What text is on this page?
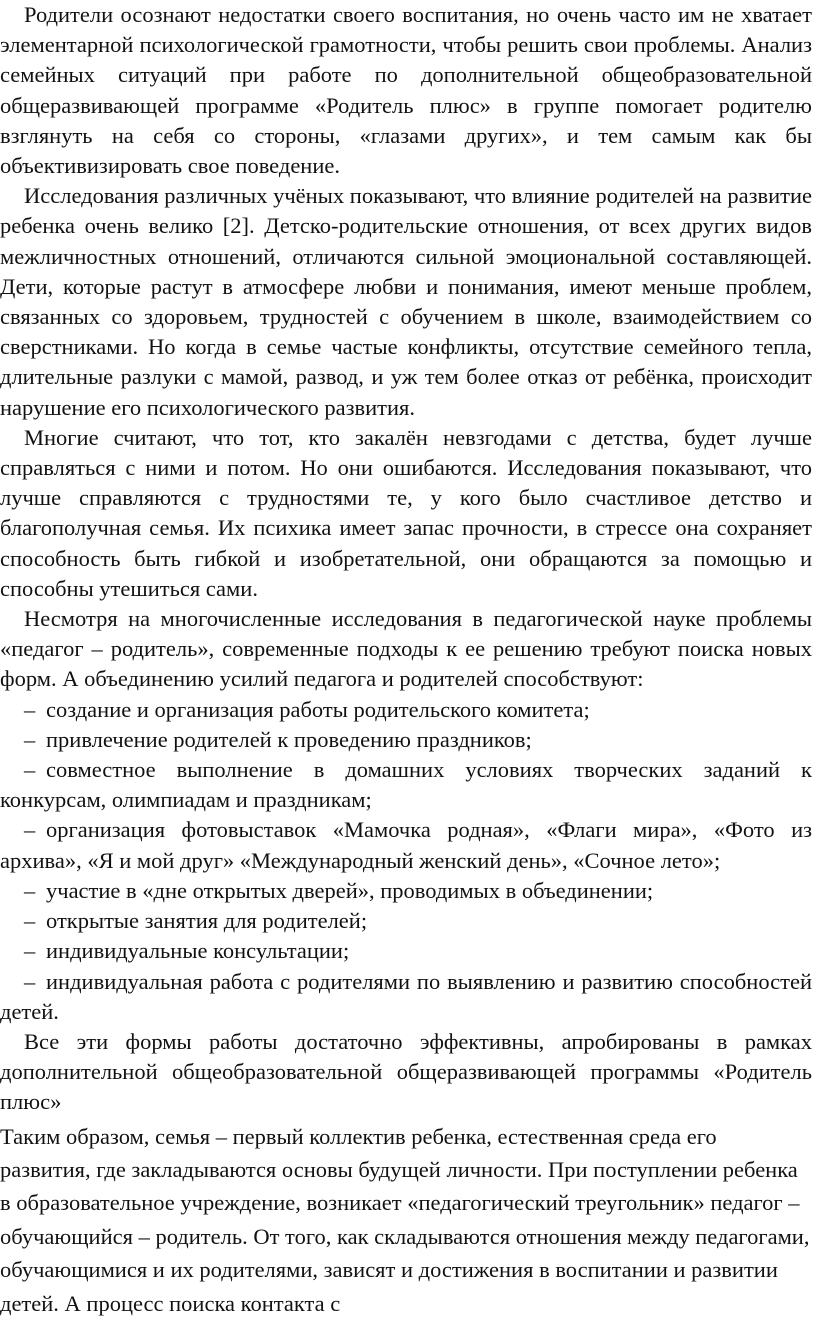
Родители осознают недостатки своего воспитания, но очень часто им не хватает элементарной психологической грамотности, чтобы решить свои проблемы. Анализ семейных ситуаций при работе по дополнительной общеобразовательной общеразвивающей программе «Родитель плюс» в группе помогает родителю взглянуть на себя со стороны, «глазами других», и тем самым как бы объективизировать свое поведение.

Исследования различных учёных показывают, что влияние родителей на развитие ребенка очень велико [2]. Детско-родительские отношения, от всех других видов межличностных отношений, отличаются сильной эмоциональной составляющей. Дети, которые растут в атмосфере любви и понимания, имеют меньше проблем, связанных со здоровьем, трудностей с обучением в школе, взаимодействием со сверстниками. Но когда в семье частые конфликты, отсутствие семейного тепла, длительные разлуки с мамой, развод, и уж тем более отказ от ребёнка, происходит нарушение его психологического развития.

Многие считают, что тот, кто закалён невзгодами с детства, будет лучше справляться с ними и потом. Но они ошибаются. Исследования показывают, что лучше справляются с трудностями те, у кого было счастливое детство и благополучная семья. Их психика имеет запас прочности, в стрессе она сохраняет способность быть гибкой и изобретательной, они обращаются за помощью и способны утешиться сами.

Несмотря на многочисленные исследования в педагогической науке проблемы «педагог – родитель», современные подходы к ее решению требуют поиска новых форм. А объединению усилий педагога и родителей способствуют:

– создание и организация работы родительского комитета;

– привлечение родителей к проведению праздников;

– совместное выполнение в домашних условиях творческих заданий к конкурсам, олимпиадам и праздникам;

– организация фотовыставок «Мамочка родная», «Флаги мира», «Фото из архива», «Я и мой друг» «Международный женский день», «Сочное лето»;

– участие в «дне открытых дверей», проводимых в объединении;

– открытые занятия для родителей;

– индивидуальные консультации;

– индивидуальная работа с родителями по выявлению и развитию способностей детей.

Все эти формы работы достаточно эффективны, апробированы в рамках дополнительной общеобразовательной общеразвивающей программы «Родитель плюс»

Таким образом, семья – первый коллектив ребенка, естественная среда его развития, где закладываются основы будущей личности. При поступлении ребенка в образовательное учреждение, возникает «педагогический треугольник» педагог – обучающийся – родитель. От того, как складываются отношения между педагогами, обучающимися и их родителями, зависят и достижения в воспитании и развитии детей. А процесс поиска контакта с
